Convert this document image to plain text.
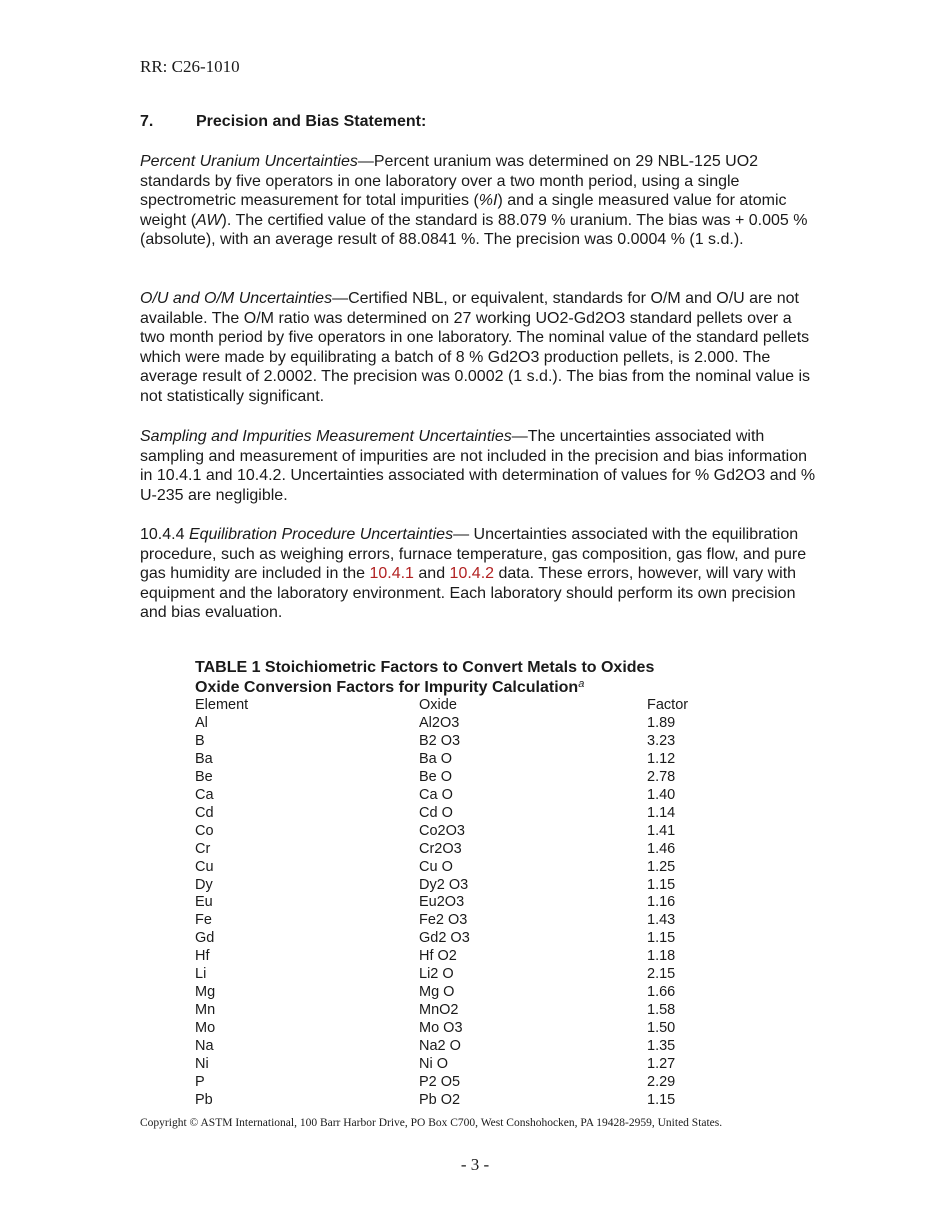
RR: C26-1010
7.	Precision and Bias Statement:
Percent Uranium Uncertainties—Percent uranium was determined on 29 NBL-125 UO2 standards by five operators in one laboratory over a two month period, using a single spectrometric measurement for total impurities (%I) and a single measured value for atomic weight (AW). The certified value of the standard is 88.079 % uranium. The bias was + 0.005 % (absolute), with an average result of 88.0841 %. The precision was 0.0004 % (1 s.d.).
O/U and O/M Uncertainties—Certified NBL, or equivalent, standards for O/M and O/U are not available. The O/M ratio was determined on 27 working UO2-Gd2O3 standard pellets over a two month period by five operators in one laboratory. The nominal value of the standard pellets which were made by equilibrating a batch of 8 % Gd2O3 production pellets, is 2.000. The average result of 2.0002. The precision was 0.0002 (1 s.d.). The bias from the nominal value is not statistically significant.
Sampling and Impurities Measurement Uncertainties—The uncertainties associated with sampling and measurement of impurities are not included in the precision and bias information in 10.4.1 and 10.4.2. Uncertainties associated with determination of values for % Gd2O3 and % U-235 are negligible.
10.4.4 Equilibration Procedure Uncertainties— Uncertainties associated with the equilibration procedure, such as weighing errors, furnace temperature, gas composition, gas flow, and pure gas humidity are included in the 10.4.1 and 10.4.2 data. These errors, however, will vary with equipment and the laboratory environment. Each laboratory should perform its own precision and bias evaluation.
TABLE 1 Stoichiometric Factors to Convert Metals to Oxides
Oxide Conversion Factors for Impurity Calculation$^a$
Element	Oxide	Factor
Al	Al2O3	1.89
B	B2 O3	3.23
Ba	Ba O	1.12
Be	Be O	2.78
Ca	Ca O	1.40
Cd	Cd O	1.14
Co	Co2O3	1.41
Cr	Cr2O3	1.46
Cu	Cu O	1.25
Dy	Dy2 O3	1.15
Eu	Eu2O3	1.16
Fe	Fe2 O3	1.43
Gd	Gd2 O3	1.15
Hf	Hf O2	1.18
Li	Li2 O	2.15
Mg	Mg O	1.66
Mn	MnO2	1.58
Mo	Mo O3	1.50
Na	Na2 O	1.35
Ni	Ni O	1.27
P	P2 O5	2.29
Pb	Pb O2	1.15
Copyright © ASTM International, 100 Barr Harbor Drive, PO Box C700, West Conshohocken, PA 19428-2959, United States.
- 3 -
